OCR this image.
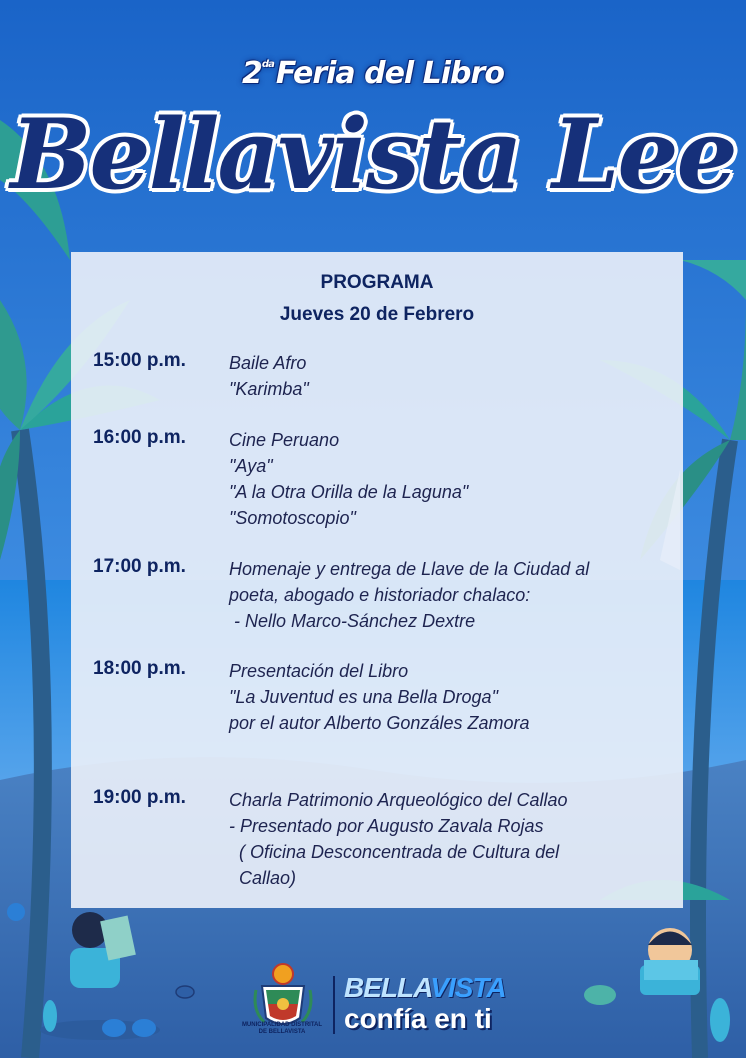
$2^{da}Feria$ del Libro
Bellavista Lee
PROGRAMA
Jueves 20 de Febrero
15:00 p.m. Baile Afro
"Karimba"
16:00 p.m. Cine Peruano
"Aya"
"A la Otra Orilla de la Laguna"
"Somotoscopio"
17:00 p.m. Homenaje y entrega de Llave de la Ciudad al
poeta, abogado e historiador chalaco:
- Nello Marco-Sánchez Dextre
18:00 p.m. Presentación del Libro
"La Juventud es una Bella Droga"
por el autor Alberto Gonzáles Zamora
19:00 p.m. Charla Patrimonio Arqueológico del Callao
- Presentado por Augusto Zavala Rojas
( Oficina Desconcentrada de Cultura del
Callao)
MUNICIPALIDAD DISTRITAL
DE BELLAVISTA
BELLAVISTA
confía en ti
